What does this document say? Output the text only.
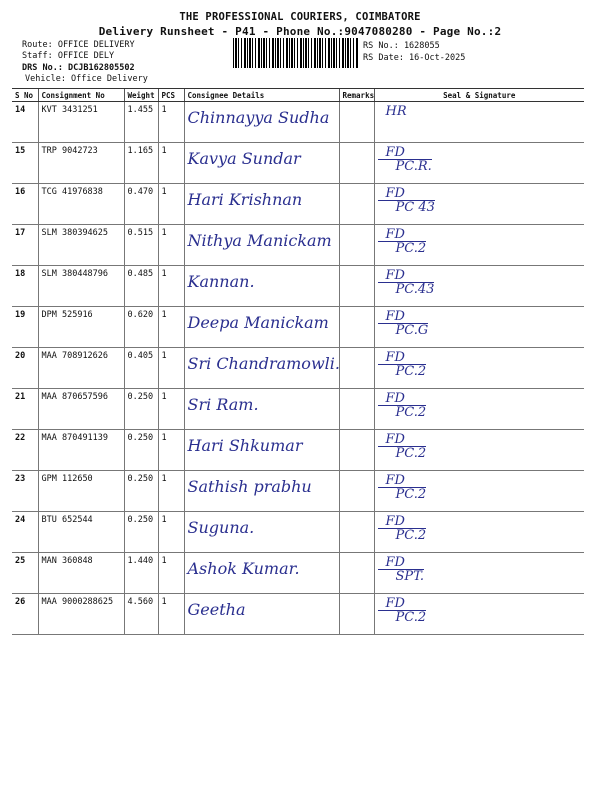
THE PROFESSIONAL COURIERS, COIMBATORE
Delivery Runsheet - P41 - Phone No.:9047080280 - Page No.:2
Route: OFFICE DELIVERY
Staff: OFFICE DELY
DRS No.: DCJB162805502
Vehicle: Office Delivery
RS No.: 1628055
RS Date: 16-Oct-2025
S No	Consignment No	Weight	PCS	Consignee Details	Remarks	Seal & Signature
14	KVT 3431251	1.455	1	Chinnayya Sudha		HR

15	TRP 9042723	1.165	1	Kavya Sundar		FD
PC.R.
16	TCG 41976838	0.470	1	Hari Krishnan		FD
PC 43
17	SLM 380394625	0.515	1	Nithya Manickam		FD
PC.2
18	SLM 380448796	0.485	1	Kannan.		FD
PC.43
19	DPM 525916	0.620	1	Deepa Manickam		FD
PC.G
20	MAA 708912626	0.405	1	Sri Chandramowli.		FD
PC.2
21	MAA 870657596	0.250	1	Sri Ram.		FD
PC.2
22	MAA 870491139	0.250	1	Hari Shkumar		FD
PC.2
23	GPM 112650	0.250	1	Sathish prabhu		FD
PC.2
24	BTU 652544	0.250	1	Suguna.		FD
PC.2
25	MAN 360848	1.440	1	Ashok Kumar.		FD
SPT.
26	MAA 9000288625	4.560	1	Geetha		FD
PC.2
